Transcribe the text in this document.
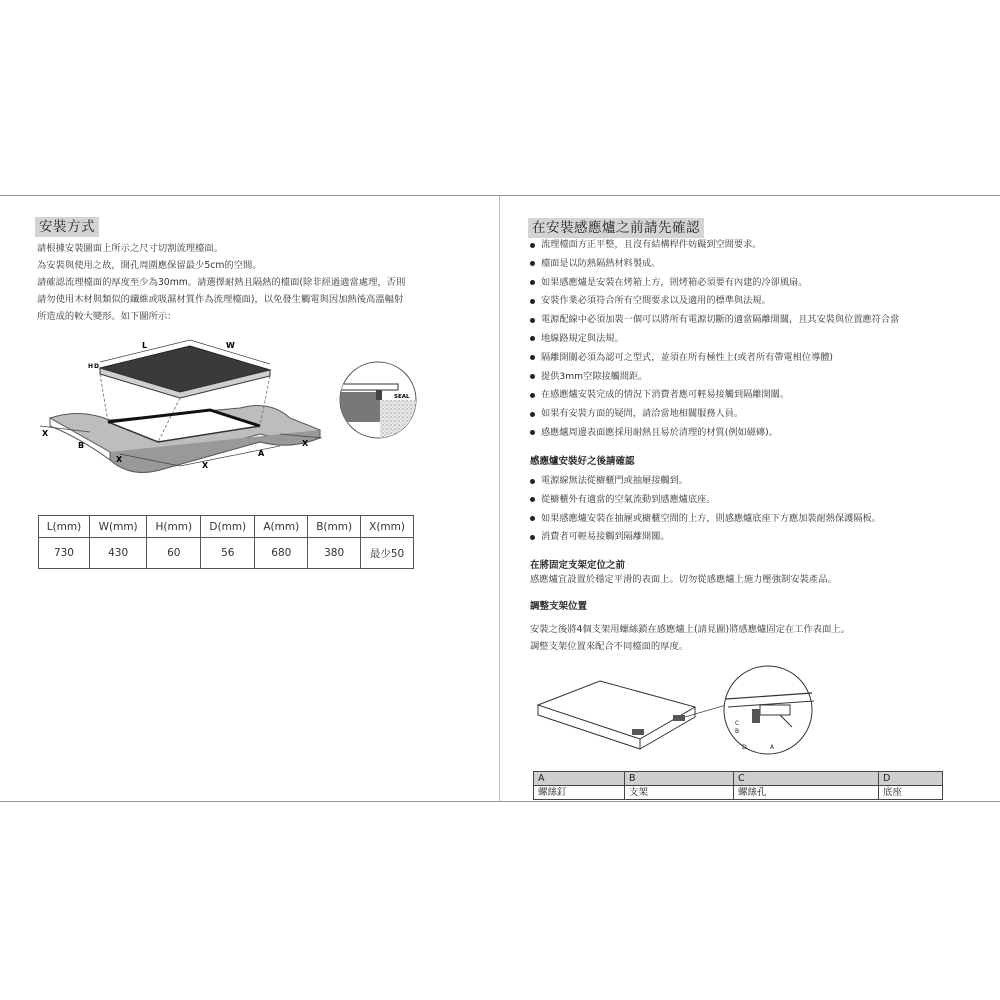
安裝方式

請根據安裝圖面上所示之尺寸切割流理檯面。

為安裝與使用之故，開孔周圍應保留最少5cm的空間。

請確認流理檯面的厚度至少為30mm。請選擇耐熱且隔熱的檯面(除非經過適當處理，否則

請勿使用木材與類似的纖維或吸濕材質作為流理檯面)，以免發生觸電與因加熱後高溫輻射

所造成的較大變形。如下圖所示：

L	W
H D
B
A
X
X
X
X
SEAL
L(mm)	W(mm)	H(mm)	D(mm)	A(mm)	B(mm)	X(mm)
730	430	60	56	680	380	最少50
在安裝感應爐之前請先確認
流理檯面方正平整，且沒有結構桿件妨礙到空間要求。
檯面是以防熱隔熱材料製成。
如果感應爐是安裝在烤箱上方，則烤箱必須要有內建的冷卻風扇。
安裝作業必須符合所有空間要求以及適用的標準與法規。
電源配線中必須加裝一個可以將所有電源切斷的適當隔離開關，且其安裝與位置應符合當
地線路規定與法規。
隔離開關必須為認可之型式，並須在所有極性上(或者所有帶電相位導體)
提供3mm空隙接觸間距。
在感應爐安裝完成的情況下消費者應可輕易接觸到隔離開關。
如果有安裝方面的疑問，請洽當地相關服務人員。
感應爐周邊表面應採用耐熱且易於清理的材質(例如磁磚)。
感應爐安裝好之後請確認
電源線無法從櫥櫃門或抽屜接觸到。
從櫥櫃外有適當的空氣流動到感應爐底座。
如果感應爐安裝在抽屜或櫥櫃空間的上方，則感應爐底座下方應加裝耐熱保護隔板。
消費者可輕易接觸到隔離開關。
在將固定支架定位之前
感應爐宜設置於穩定平滑的表面上。切勿從感應爐上施力壓強制安裝產品。
調整支架位置

安裝之後將4個支架用螺絲鎖在感應爐上(請見圖)將感應爐固定在工作表面上。

調整支架位置來配合不同檯面的厚度。

C
B
D	A
A	B	C	D
螺絲釘	支架	螺絲孔	底座
